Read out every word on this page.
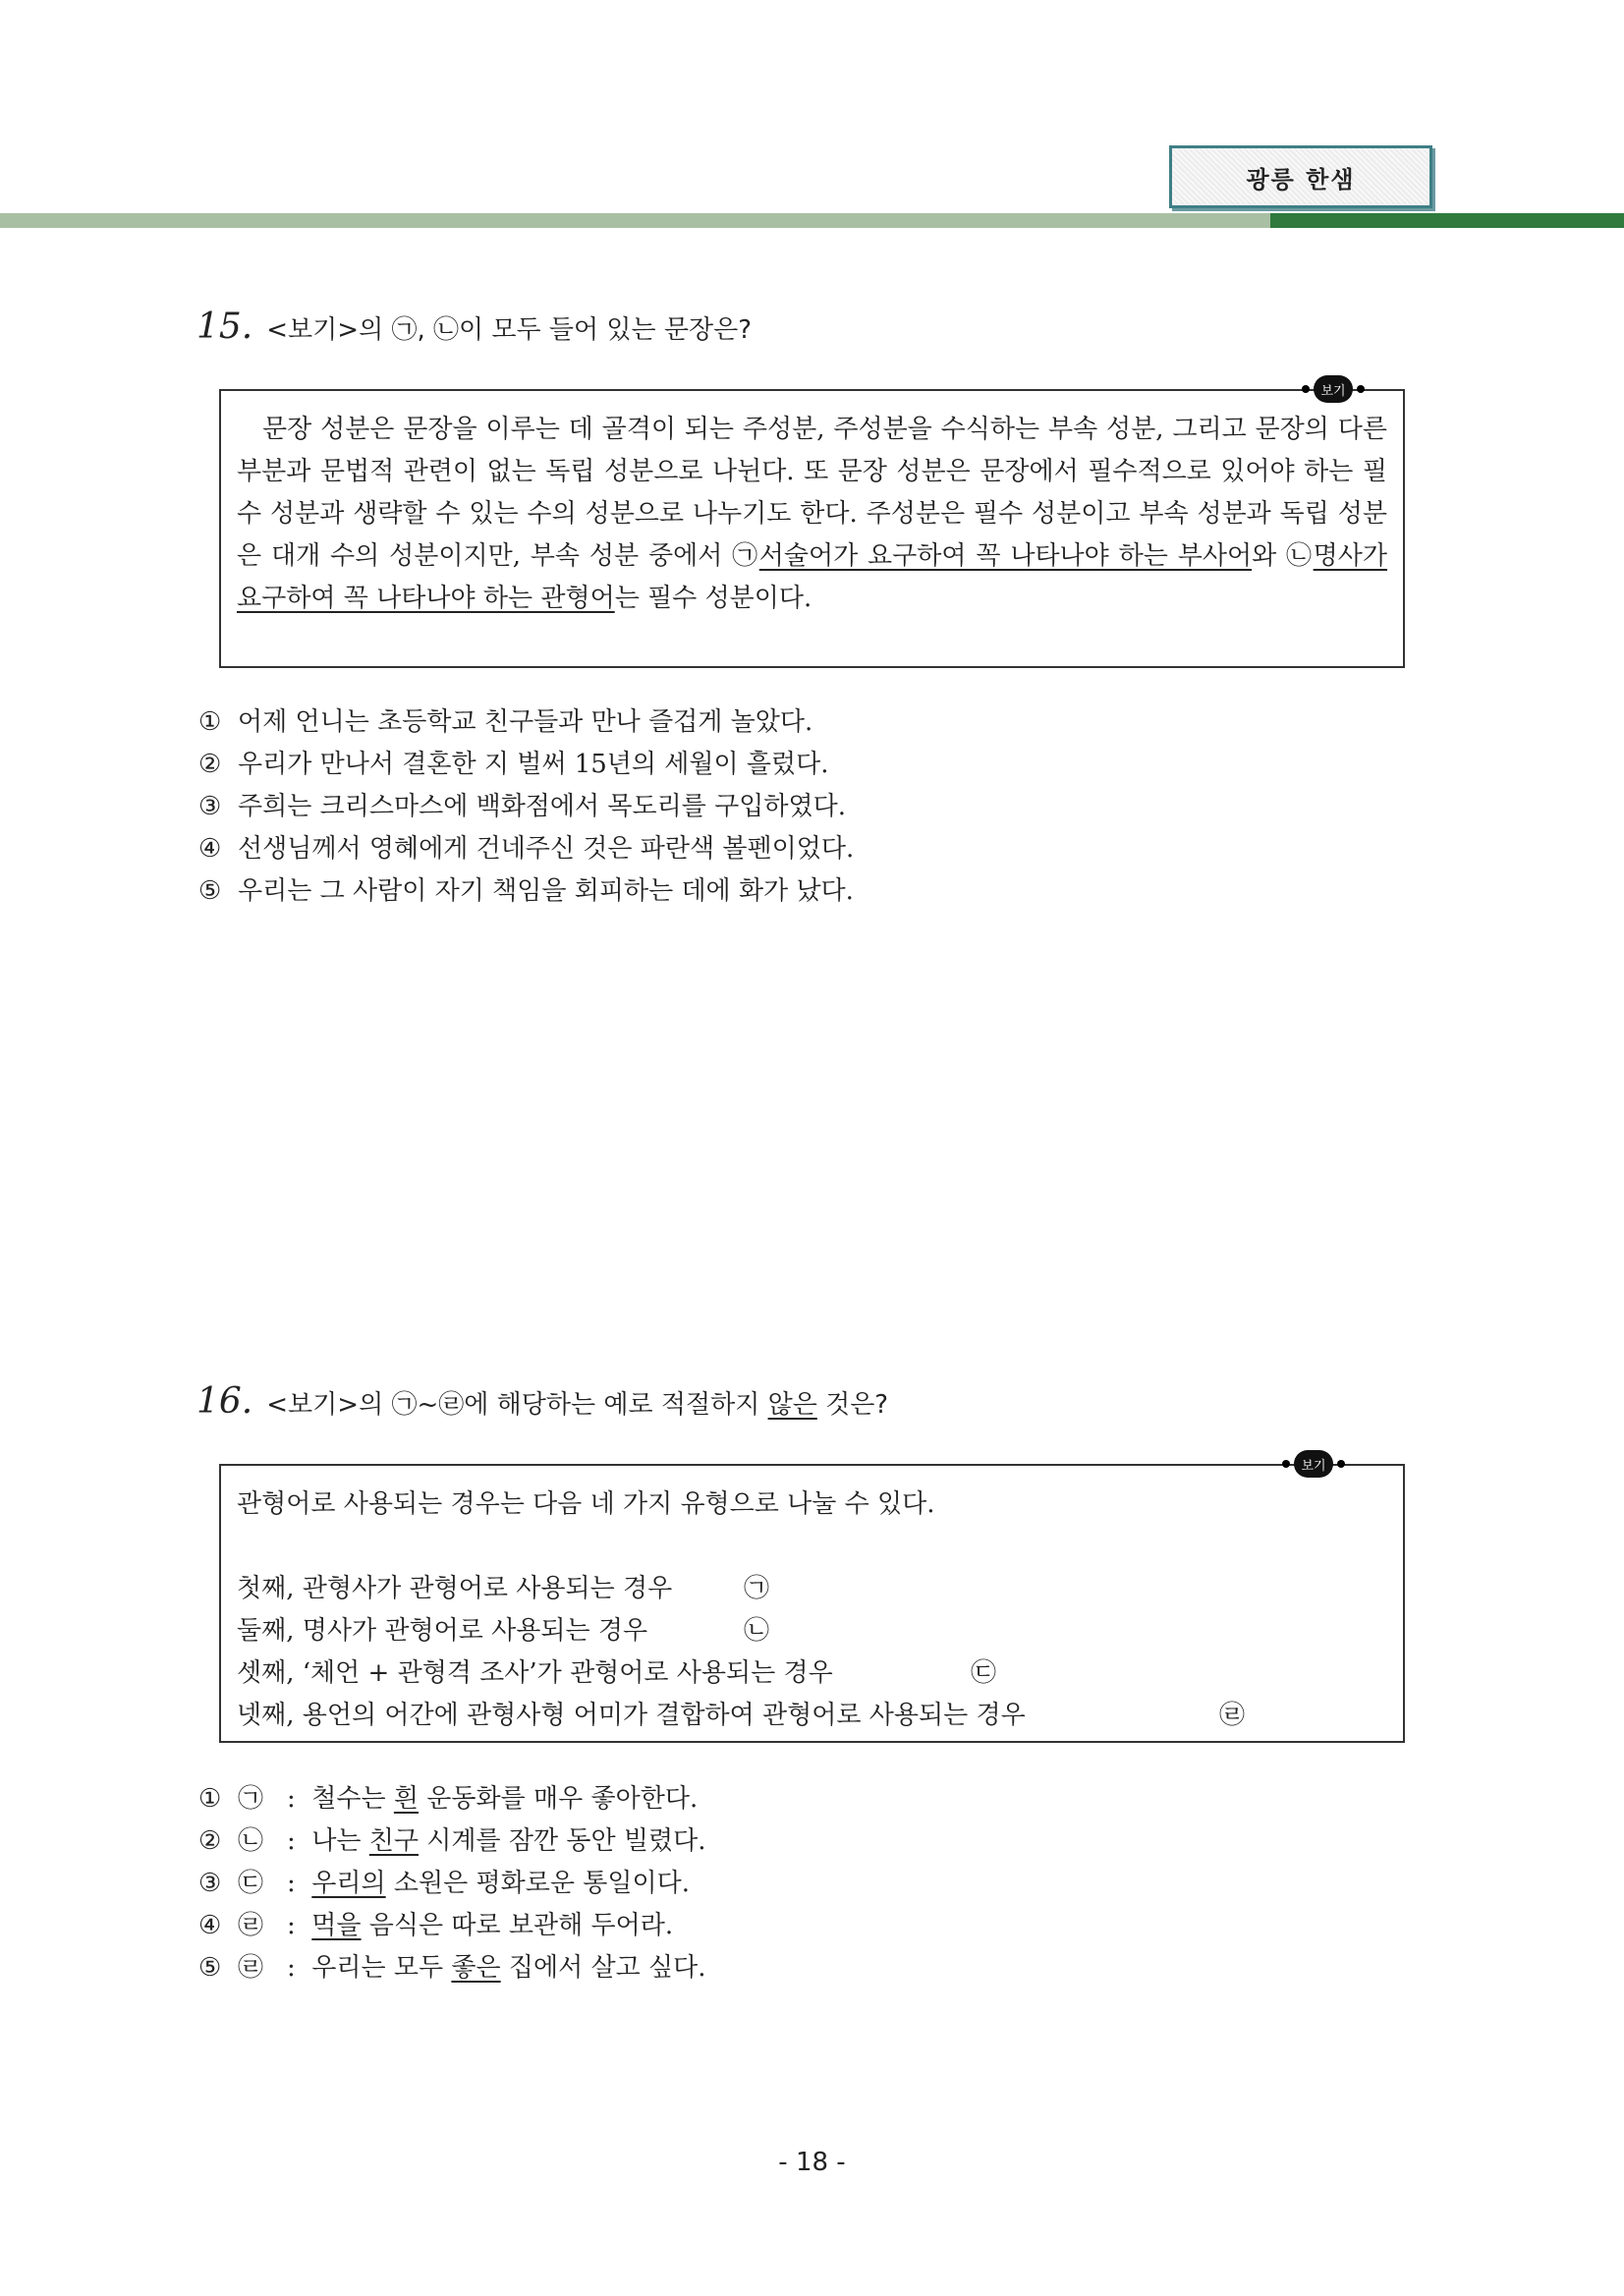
광릉 한샘
15. <보기>의 ㉠, ㉡이 모두 들어 있는 문장은?
보기

문장 성분은 문장을 이루는 데 골격이 되는 주성분, 주성분을 수식하는 부속 성분, 그리고 문장의 다른 부분과 문법적 관련이 없는 독립 성분으로 나뉜다. 또 문장 성분은 문장에서 필수적으로 있어야 하는 필수 성분과 생략할 수 있는 수의 성분으로 나누기도 한다. 주성분은 필수 성분이고 부속 성분과 독립 성분은 대개 수의 성분이지만, 부속 성분 중에서 ㉠서술어가 요구하여 꼭 나타나야 하는 부사어와 ㉡명사가 요구하여 꼭 나타나야 하는 관형어는 필수 성분이다.

① 어제 언니는 초등학교 친구들과 만나 즐겁게 놀았다.
② 우리가 만나서 결혼한 지 벌써 15년의 세월이 흘렀다.
③ 주희는 크리스마스에 백화점에서 목도리를 구입하였다.
④ 선생님께서 영혜에게 건네주신 것은 파란색 볼펜이었다.
⑤ 우리는 그 사람이 자기 책임을 회피하는 데에 화가 났다.
16. <보기>의 ㉠~㉣에 해당하는 예로 적절하지 않은 것은?
보기
관형어로 사용되는 경우는 다음 네 가지 유형으로 나눌 수 있다.
첫째, 관형사가 관형어로 사용되는 경우	㉠
둘째, 명사가 관형어로 사용되는 경우	㉡
셋째, ‘체언 + 관형격 조사’가 관형어로 사용되는 경우	㉢
넷째, 용언의 어간에 관형사형 어미가 결합하여 관형어로 사용되는 경우	㉣
① ㉠ :  철수는 흰 운동화를 매우 좋아한다.
② ㉡ :  나는 친구 시계를 잠깐 동안 빌렸다.
③ ㉢ :  우리의 소원은 평화로운 통일이다.
④ ㉣ :  먹을 음식은 따로 보관해 두어라.
⑤ ㉣ :  우리는 모두 좋은 집에서 살고 싶다.
- 18 -
